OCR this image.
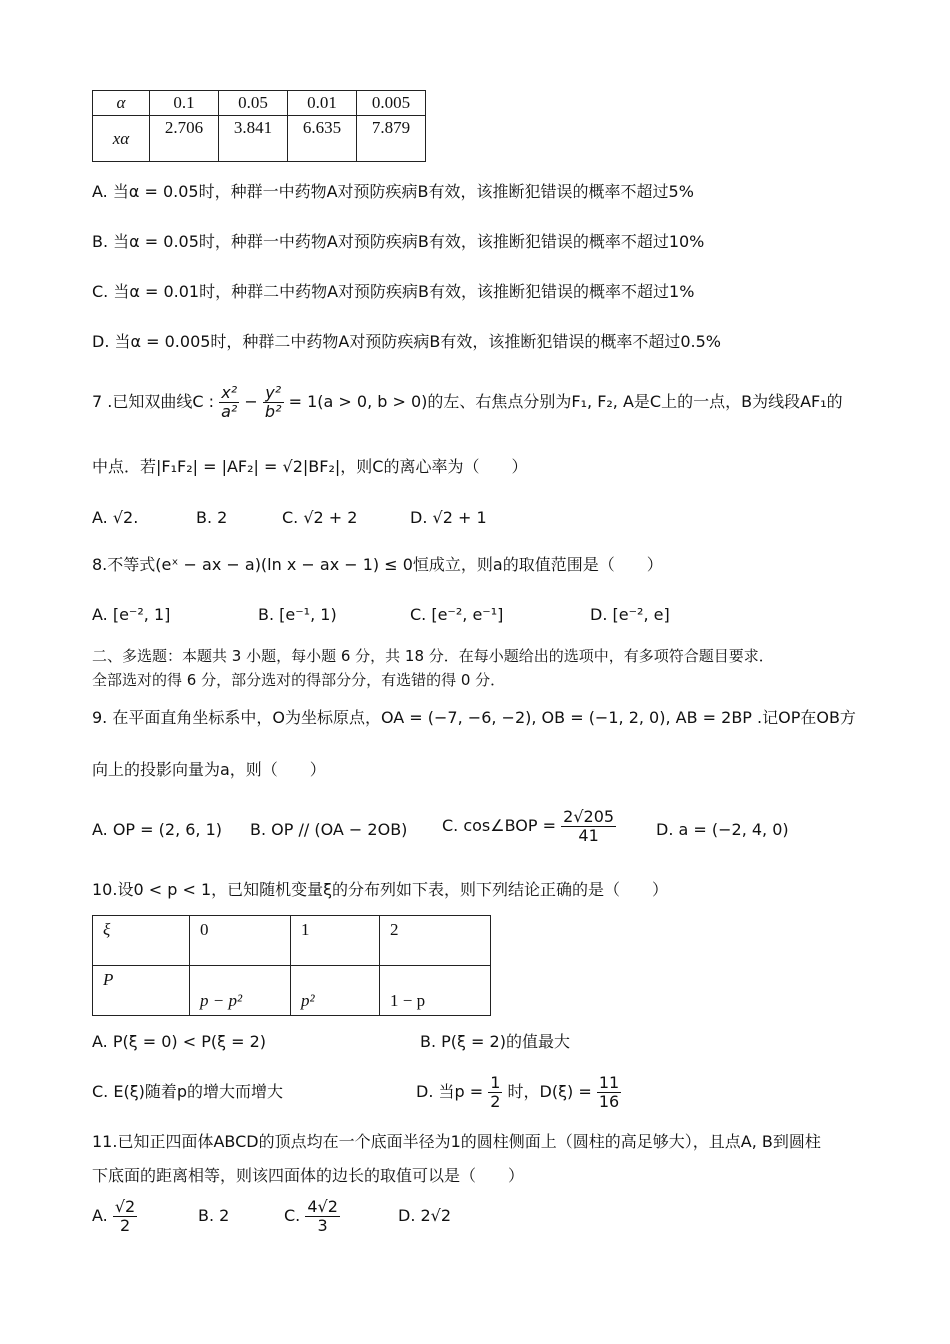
α	0.1	0.05	0.01	0.005
xα	2.706	3.841	6.635	7.879
A. 当α = 0.05时，种群一中药物A对预防疾病B有效，该推断犯错误的概率不超过5%
B. 当α = 0.05时，种群一中药物A对预防疾病B有效，该推断犯错误的概率不超过10%
C. 当α = 0.01时，种群二中药物A对预防疾病B有效，该推断犯错误的概率不超过1%
D. 当α = 0.005时，种群二中药物A对预防疾病B有效，该推断犯错误的概率不超过0.5%
7 .已知双曲线C : $\frac{\text{x²}}{\text{a²}} - \frac{\text{y²}}{\text{b²}} = 1(a > 0$, b > 0)的左、右焦点分别为F₁, F₂, A是C上的一点，B为线段AF₁的
中点．若|F₁F₂| = |AF₂| = √2|BF₂|，则C的离心率为（　　）
A. √2.	B. 2	C. √2 + 2	D. √2 + 1
8.不等式(eˣ − ax − a)(ln x − ax − 1) ≤ 0恒成立，则a的取值范围是（　　）
A. [e⁻², 1]	B. [e⁻¹, 1)	C. [e⁻², e⁻¹]	D. [e⁻², e]
二、多选题：本题共 3 小题，每小题 6 分，共 18 分．在每小题给出的选项中，有多项符合题目要求．
全部选对的得 6 分，部分选对的得部分分，有选错的得 0 分．
9. 在平面直角坐标系中，O为坐标原点，OA = (−7, −6, −2), OB = (−1, 2, 0), AB = 2BP .记OP在OB方
向上的投影向量为a，则（　　）
A. OP = (2, 6, 1) B. OP // (OA − 2OB) C. cos∠BOP = $\frac{2√205}{41} D$. a = (−2, 4, 0)
10.设0 < p < 1，已知随机变量ξ的分布列如下表，则下列结论正确的是（　　）
ξ	0	1	2
P	p − p²	p²	1 − p
A. P(ξ = 0) < P(ξ = 2)	B. P(ξ = 2)的值最大
C. E(ξ)随着p的增大而增大	D. 当$p = \frac{1}{2}$ 时，$D(\xi) = \frac{11}{16}$
11.已知正四面体ABCD的顶点均在一个底面半径为1的圆柱侧面上（圆柱的高足够大），且点A, B到圆柱
下底面的距离相等，则该四面体的边长的取值可以是（　　）
A. $\frac{√2}{2}$	B. 2	C. $\frac{4√2}{3}$	D. 2√2
